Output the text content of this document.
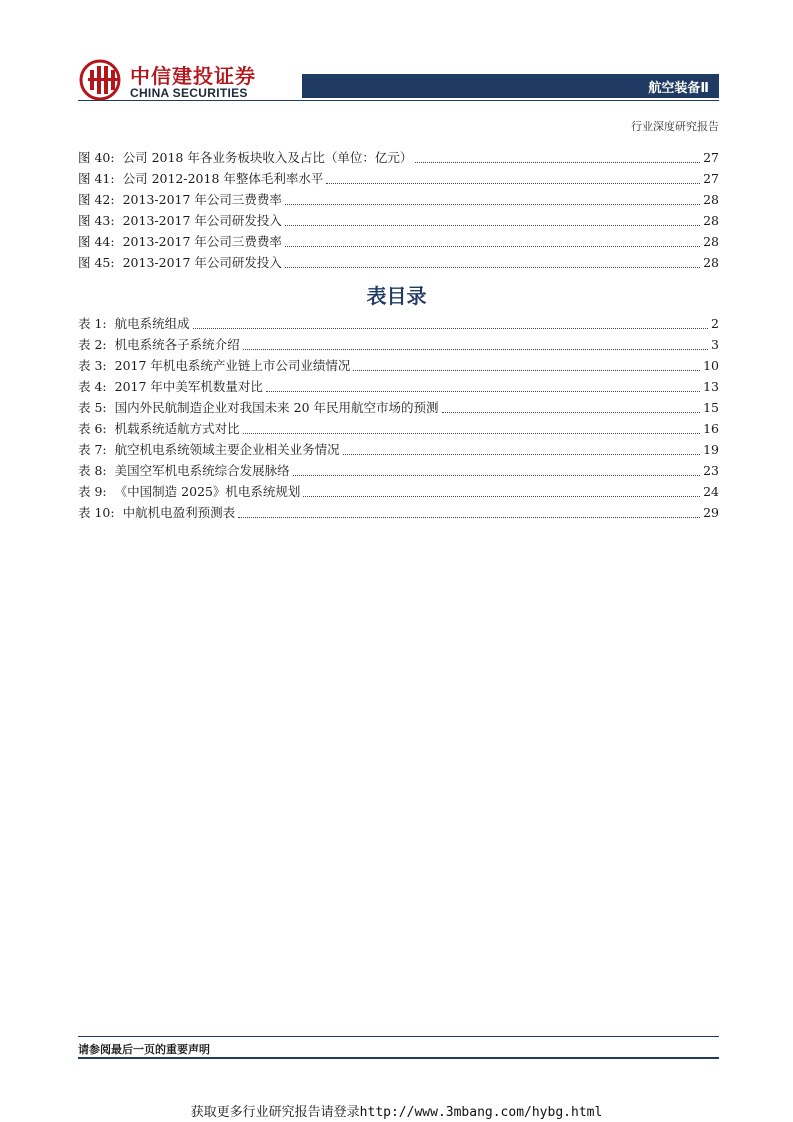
中信建投证券
CHINA SECURITIES	航空装备Ⅱ
行业深度研究报告
图 40: 公司 2018 年各业务板块收入及占比（单位：亿元）	27
图 41: 公司 2012-2018 年整体毛利率水平	27
图 42: 2013-2017 年公司三费费率	28
图 43: 2013-2017 年公司研发投入	28
图 44: 2013-2017 年公司三费费率	28
图 45: 2013-2017 年公司研发投入	28
表目录
表 1: 航电系统组成	2
表 2: 机电系统各子系统介绍	3
表 3: 2017 年机电系统产业链上市公司业绩情况	10
表 4: 2017 年中美军机数量对比	13
表 5: 国内外民航制造企业对我国未来 20 年民用航空市场的预测	15
表 6: 机载系统适航方式对比	16
表 7: 航空机电系统领域主要企业相关业务情况	19
表 8: 美国空军机电系统综合发展脉络	23
表 9: 《中国制造 2025》机电系统规划	24
表 10: 中航机电盈利预测表	29
请参阅最后一页的重要声明
获取更多行业研究报告请登录http://www.3mbang.com/hybg.html
